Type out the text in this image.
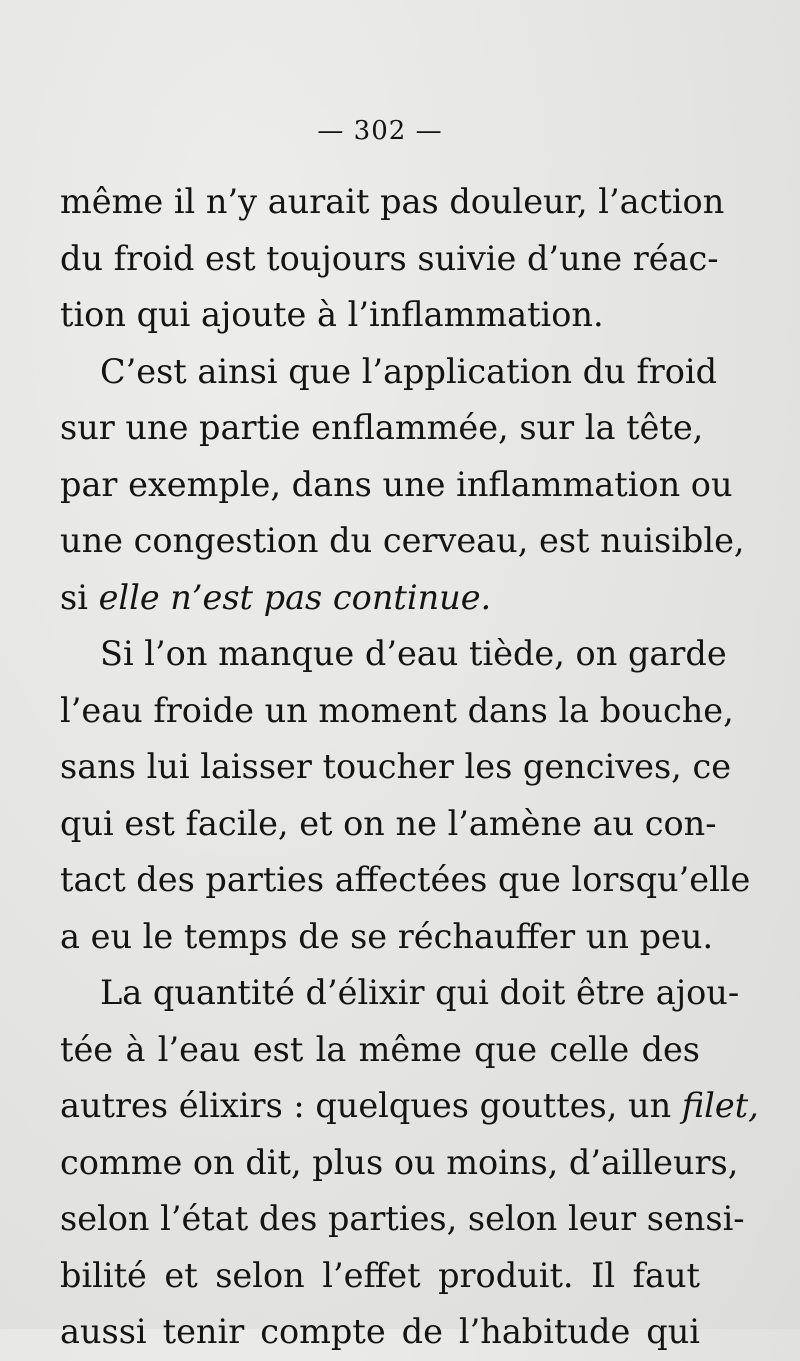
— 302 —
même il n’y aurait pas douleur, l’action
du froid est toujours suivie d’une réac-
tion qui ajoute à l’inflammation.
C’est ainsi que l’application du froid
sur une partie enflammée, sur la tête,
par exemple, dans une inflammation ou
une congestion du cerveau, est nuisible,
si elle n’est pas continue.
Si l’on manque d’eau tiède, on garde
l’eau froide un moment dans la bouche,
sans lui laisser toucher les gencives, ce
qui est facile, et on ne l’amène au con-
tact des parties affectées que lorsqu’elle
a eu le temps de se réchauffer un peu.
La quantité d’élixir qui doit être ajou-
tée à l’eau est la même que celle des
autres élixirs : quelques gouttes, un filet,
comme on dit, plus ou moins, d’ailleurs,
selon l’état des parties, selon leur sensi-
bilité et selon l’effet produit. Il faut
aussi tenir compte de l’habitude qui
